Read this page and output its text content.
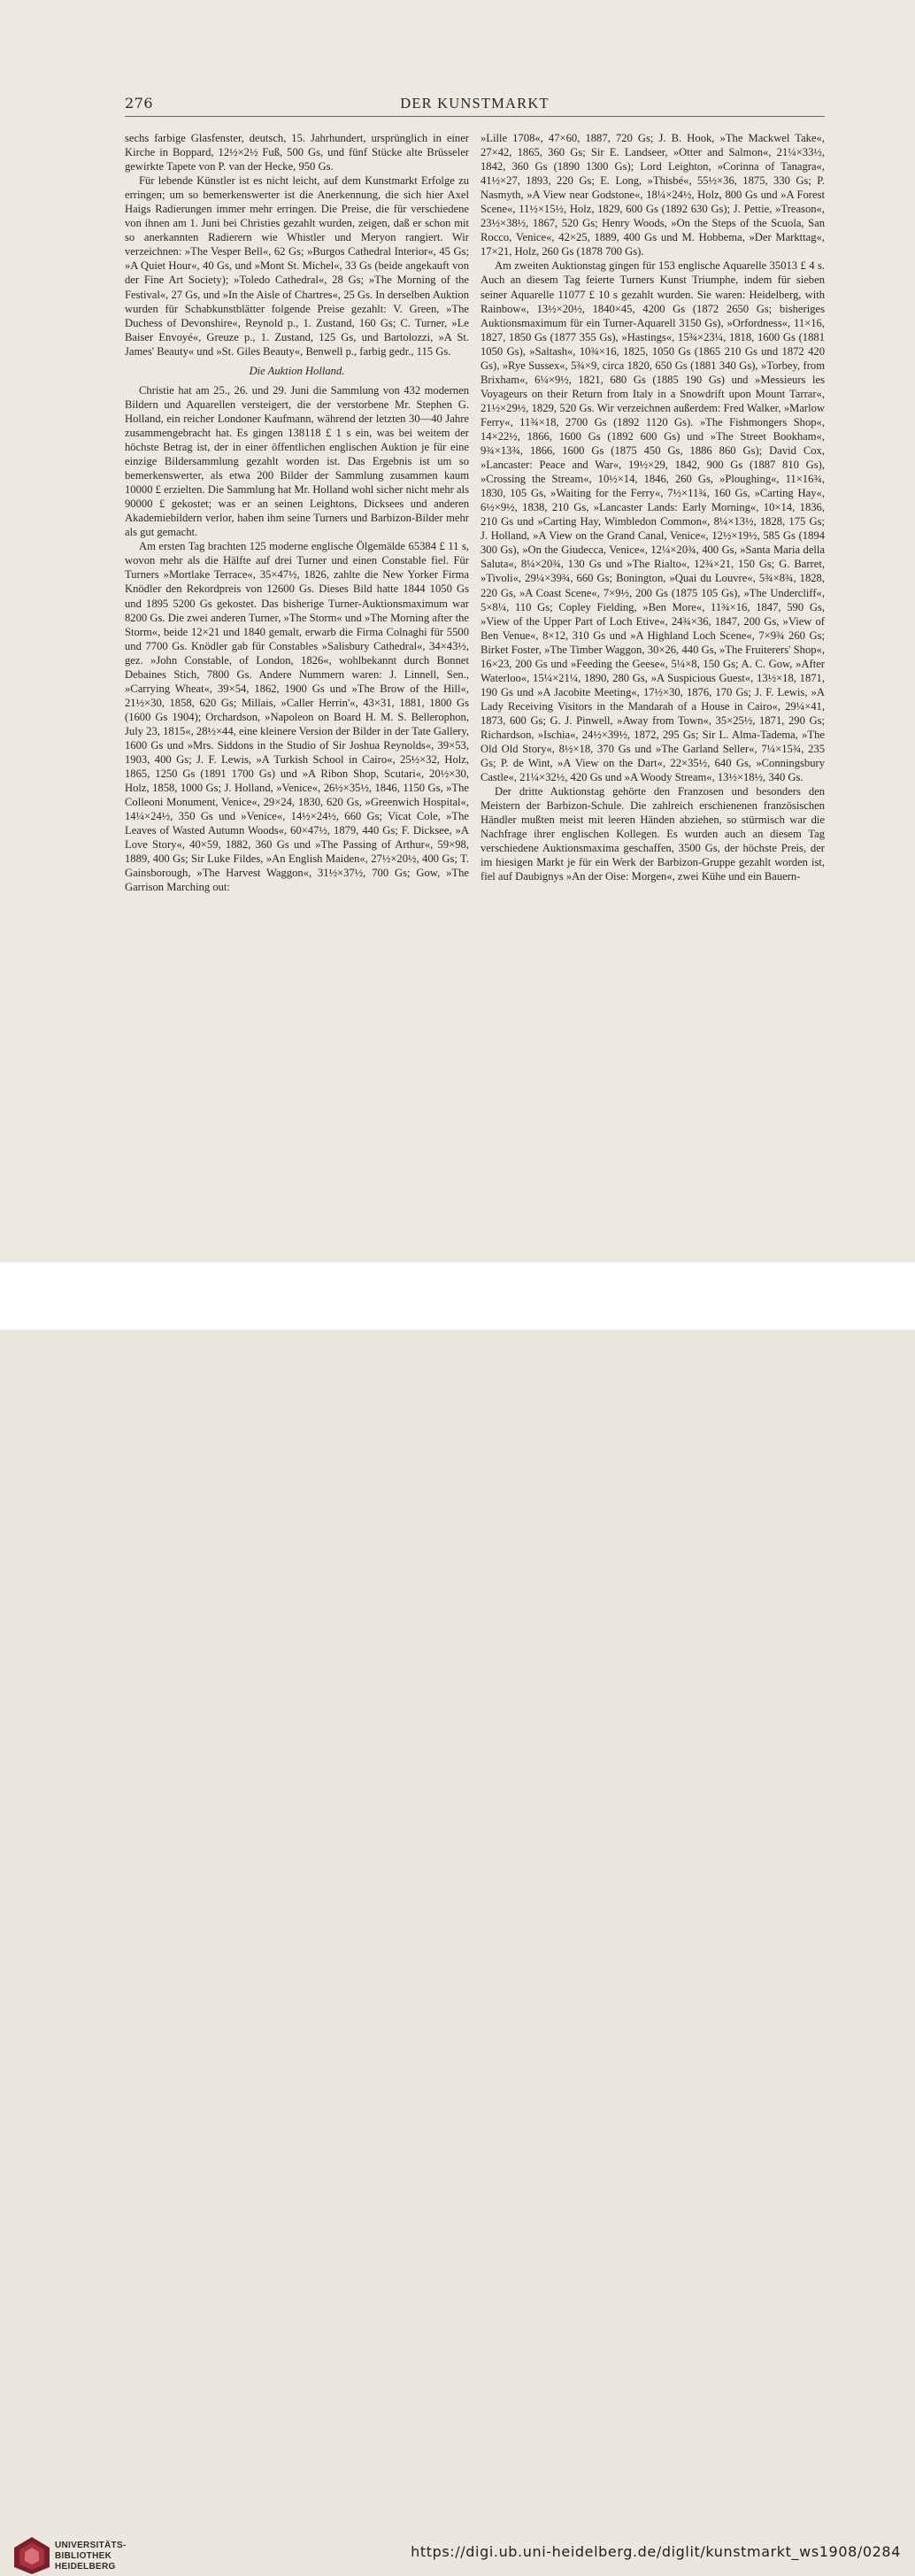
276	DER KUNSTMARKT

sechs farbige Glasfenster, deutsch, 15. Jahrhundert, ursprünglich in einer Kirche in Boppard, 12½×2½ Fuß, 500 Gs, und fünf Stücke alte Brüsseler gewirkte Tapete von P. van der Hecke, 950 Gs.

Für lebende Künstler ist es nicht leicht, auf dem Kunstmarkt Erfolge zu erringen; um so bemerkenswerter ist die Anerkennung, die sich hier Axel Haigs Radierungen immer mehr erringen. Die Preise, die für verschiedene von ihnen am 1. Juni bei Christies gezahlt wurden, zeigen, daß er schon mit so anerkannten Radierern wie Whistler und Meryon rangiert. Wir verzeichnen: »The Vesper Bell«, 62 Gs; »Burgos Cathedral Interior«, 45 Gs; »A Quiet Hour«, 40 Gs, und »Mont St. Michel«, 33 Gs (beide angekauft von der Fine Art Society); »Toledo Cathedral«, 28 Gs; »The Morning of the Festival«, 27 Gs, und »In the Aisle of Chartres«, 25 Gs. In derselben Auktion wurden für Schabkunstblätter folgende Preise gezahlt: V. Green, »The Duchess of Devonshire«, Reynold p., 1. Zustand, 160 Gs; C. Turner, »Le Baiser Envoyé«, Greuze p., 1. Zustand, 125 Gs, und Bartolozzi, »A St. James' Beauty« und »St. Giles Beauty«, Benwell p., farbig gedr., 115 Gs.

Die Auktion Holland.

Christie hat am 25., 26. und 29. Juni die Sammlung von 432 modernen Bildern und Aquarellen versteigert, die der verstorbene Mr. Stephen G. Holland, ein reicher Londoner Kaufmann, während der letzten 30—40 Jahre zusammengebracht hat. Es gingen 138118 £ 1 s ein, was bei weitem der höchste Betrag ist, der in einer öffentlichen englischen Auktion je für eine einzige Bildersammlung gezahlt worden ist. Das Ergebnis ist um so bemerkenswerter, als etwa 200 Bilder der Sammlung zusammen kaum 10000 £ erzielten. Die Sammlung hat Mr. Holland wohl sicher nicht mehr als 90000 £ gekostet; was er an seinen Leightons, Dicksees und anderen Akademiebildern verlor, haben ihm seine Turners und Barbizon-Bilder mehr als gut gemacht.

Am ersten Tag brachten 125 moderne englische Ölgemälde 65384 £ 11 s, wovon mehr als die Hälfte auf drei Turner und einen Constable fiel. Für Turners »Mortlake Terrace«, 35×47½, 1826, zahlte die New Yorker Firma Knödler den Rekordpreis von 12600 Gs. Dieses Bild hatte 1844 1050 Gs und 1895 5200 Gs gekostet. Das bisherige Turner-Auktionsmaximum war 8200 Gs. Die zwei anderen Turner, »The Storm« und »The Morning after the Storm«, beide 12×21 und 1840 gemalt, erwarb die Firma Colnaghi für 5500 und 7700 Gs. Knödler gab für Constables »Salisbury Cathedral«, 34×43½, gez. »John Constable, of London, 1826«, wohlbekannt durch Bonnet Debaines Stich, 7800 Gs. Andere Nummern waren: J. Linnell, Sen., »Carrying Wheat«, 39×54, 1862, 1900 Gs und »The Brow of the Hill«, 21½×30, 1858, 620 Gs; Millais, »Caller Herrin'«, 43×31, 1881, 1800 Gs (1600 Gs 1904); Orchardson, »Napoleon on Board H. M. S. Bellerophon, July 23, 1815«, 28½×44, eine kleinere Version der Bilder in der Tate Gallery, 1600 Gs und »Mrs. Siddons in the Studio of Sir Joshua Reynolds«, 39×53, 1903, 400 Gs; J. F. Lewis, »A Turkish School in Cairo«, 25½×32, Holz, 1865, 1250 Gs (1891 1700 Gs) und »A Ribon Shop, Scutari«, 20½×30, Holz, 1858, 1000 Gs; J. Holland, »Venice«, 26½×35½, 1846, 1150 Gs, »The Colleoni Monument, Venice«, 29×24, 1830, 620 Gs, »Greenwich Hospital«, 14¼×24½, 350 Gs und »Venice«, 14½×24½, 660 Gs; Vicat Cole, »The Leaves of Wasted Autumn Woods«, 60×47½, 1879, 440 Gs; F. Dicksee, »A Love Story«, 40×59, 1882, 360 Gs und »The Passing of Arthur«, 59×98, 1889, 400 Gs; Sir Luke Fildes, »An English Maiden«, 27½×20½, 400 Gs; T. Gainsborough, »The Harvest Waggon«, 31½×37½, 700 Gs; Gow, »The Garrison Marching out:

»Lille 1708«, 47×60, 1887, 720 Gs; J. B. Hook, »The Mackwel Take«, 27×42, 1865, 360 Gs; Sir E. Landseer, »Otter and Salmon«, 21¼×33½, 1842, 360 Gs (1890 1300 Gs); Lord Leighton, »Corinna of Tanagra«, 41½×27, 1893, 220 Gs; E. Long, »Thisbé«, 55½×36, 1875, 330 Gs; P. Nasmyth, »A View near Godstone«, 18¼×24½, Holz, 800 Gs und »A Forest Scene«, 11½×15½, Holz, 1829, 600 Gs (1892 630 Gs); J. Pettie, »Treason«, 23½×38½, 1867, 520 Gs; Henry Woods, »On the Steps of the Scuola, San Rocco, Venice«, 42×25, 1889, 400 Gs und M. Hobbema, »Der Markttag«, 17×21, Holz, 260 Gs (1878 700 Gs).

Am zweiten Auktionstag gingen für 153 englische Aquarelle 35013 £ 4 s. Auch an diesem Tag feierte Turners Kunst Triumphe, indem für sieben seiner Aquarelle 11077 £ 10 s gezahlt wurden. Sie waren: Heidelberg, with Rainbow«, 13½×20½, 1840×45, 4200 Gs (1872 2650 Gs; bisheriges Auktionsmaximum für ein Turner-Aquarell 3150 Gs), »Orfordness«, 11×16, 1827, 1850 Gs (1877 355 Gs), »Hastings«, 15¾×23¼, 1818, 1600 Gs (1881 1050 Gs), »Saltash«, 10¾×16, 1825, 1050 Gs (1865 210 Gs und 1872 420 Gs), »Rye Sussex«, 5¾×9, circa 1820, 650 Gs (1881 340 Gs), »Torbey, from Brixham«, 6¼×9½, 1821, 680 Gs (1885 190 Gs) und »Messieurs les Voyageurs on their Return from Italy in a Snowdrift upon Mount Tarrar«, 21½×29½, 1829, 520 Gs. Wir verzeichnen außerdem: Fred Walker, »Marlow Ferry«, 11¾×18, 2700 Gs (1892 1120 Gs). »The Fishmongers Shop«, 14×22½, 1866, 1600 Gs (1892 600 Gs) und »The Street Bookham«, 9¾×13¾, 1866, 1600 Gs (1875 450 Gs, 1886 860 Gs); David Cox, »Lancaster: Peace and War«, 19½×29, 1842, 900 Gs (1887 810 Gs), »Crossing the Stream«, 10½×14, 1846, 260 Gs, »Ploughing«, 11×16¾, 1830, 105 Gs, »Waiting for the Ferry«, 7½×11¾, 160 Gs, »Carting Hay«, 6½×9½, 1838, 210 Gs, »Lancaster Lands: Early Morning«, 10×14, 1836, 210 Gs und »Carting Hay, Wimbledon Common«, 8¼×13½, 1828, 175 Gs; J. Holland, »A View on the Grand Canal, Venice«, 12½×19½, 585 Gs (1894 300 Gs), »On the Giudecca, Venice«, 12¼×20¾, 400 Gs, »Santa Maria della Saluta«, 8¼×20¾, 130 Gs und »The Rialto«, 12¾×21, 150 Gs; G. Barret, »Tivoli«, 29¼×39¾, 660 Gs; Bonington, »Quai du Louvre«, 5¾×8¾, 1828, 220 Gs, »A Coast Scene«, 7×9½, 200 Gs (1875 105 Gs), »The Undercliff«, 5×8¼, 110 Gs; Copley Fielding, »Ben More«, 11¾×16, 1847, 590 Gs, »View of the Upper Part of Loch Etive«, 24¾×36, 1847, 200 Gs, »View of Ben Venue«, 8×12, 310 Gs und »A Highland Loch Scene«, 7×9¾ 260 Gs; Birket Foster, »The Timber Waggon, 30×26, 440 Gs, »The Fruiterers' Shop«, 16×23, 200 Gs und »Feeding the Geese«, 5¼×8, 150 Gs; A. C. Gow, »After Waterloo«, 15¼×21¼, 1890, 280 Gs, »A Suspicious Guest«, 13½×18, 1871, 190 Gs und »A Jacobite Meeting«, 17½×30, 1876, 170 Gs; J. F. Lewis, »A Lady Receiving Visitors in the Mandarah of a House in Cairo«, 29¼×41, 1873, 600 Gs; G. J. Pinwell, »Away from Town«, 35×25½, 1871, 290 Gs; Richardson, »Ischia«, 24½×39½, 1872, 295 Gs; Sir L. Alma-Tadema, »The Old Old Story«, 8½×18, 370 Gs und »The Garland Seller«, 7¼×15¾, 235 Gs; P. de Wint, »A View on the Dart«, 22×35½, 640 Gs, »Conningsbury Castle«, 21¼×32½, 420 Gs und »A Woody Stream«, 13½×18½, 340 Gs.

Der dritte Auktionstag gehörte den Franzosen und besonders den Meistern der Barbizon-Schule. Die zahlreich erschienenen französischen Händler mußten meist mit leeren Händen abziehen, so stürmisch war die Nachfrage ihrer englischen Kollegen. Es wurden auch an diesem Tag verschiedene Auktionsmaxima geschaffen, 3500 Gs, der höchste Preis, der im hiesigen Markt je für ein Werk der Barbizon-Gruppe gezahlt worden ist, fiel auf Daubignys »An der Oise: Morgen«, zwei Kühe und ein Bauern-

UNIVERSITÄTS-
BIBLIOTHEK
HEIDELBERG
https://digi.ub.uni-heidelberg.de/diglit/kunstmarkt_ws1908/0284
